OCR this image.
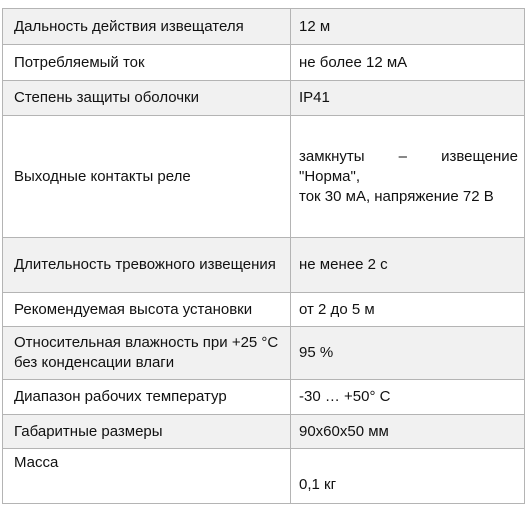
Дальность действия извещателя	12 м
Потребляемый ток	не более 12 мА
Степень защиты оболочки	IP41
Выходные контакты реле	замкнуты – извещение "Норма",
ток 30 мА, напряжение 72 В

Длительность тревожного извещения	не менее 2 с
Рекомендуемая высота установки	от 2 до 5 м
Относительная влажность при +25 °C без конденсации влаги	95 %
Диапазон рабочих температур	-30 … +50° С
Габаритные размеры	90х60х50 мм
Масса	0,1 кг
